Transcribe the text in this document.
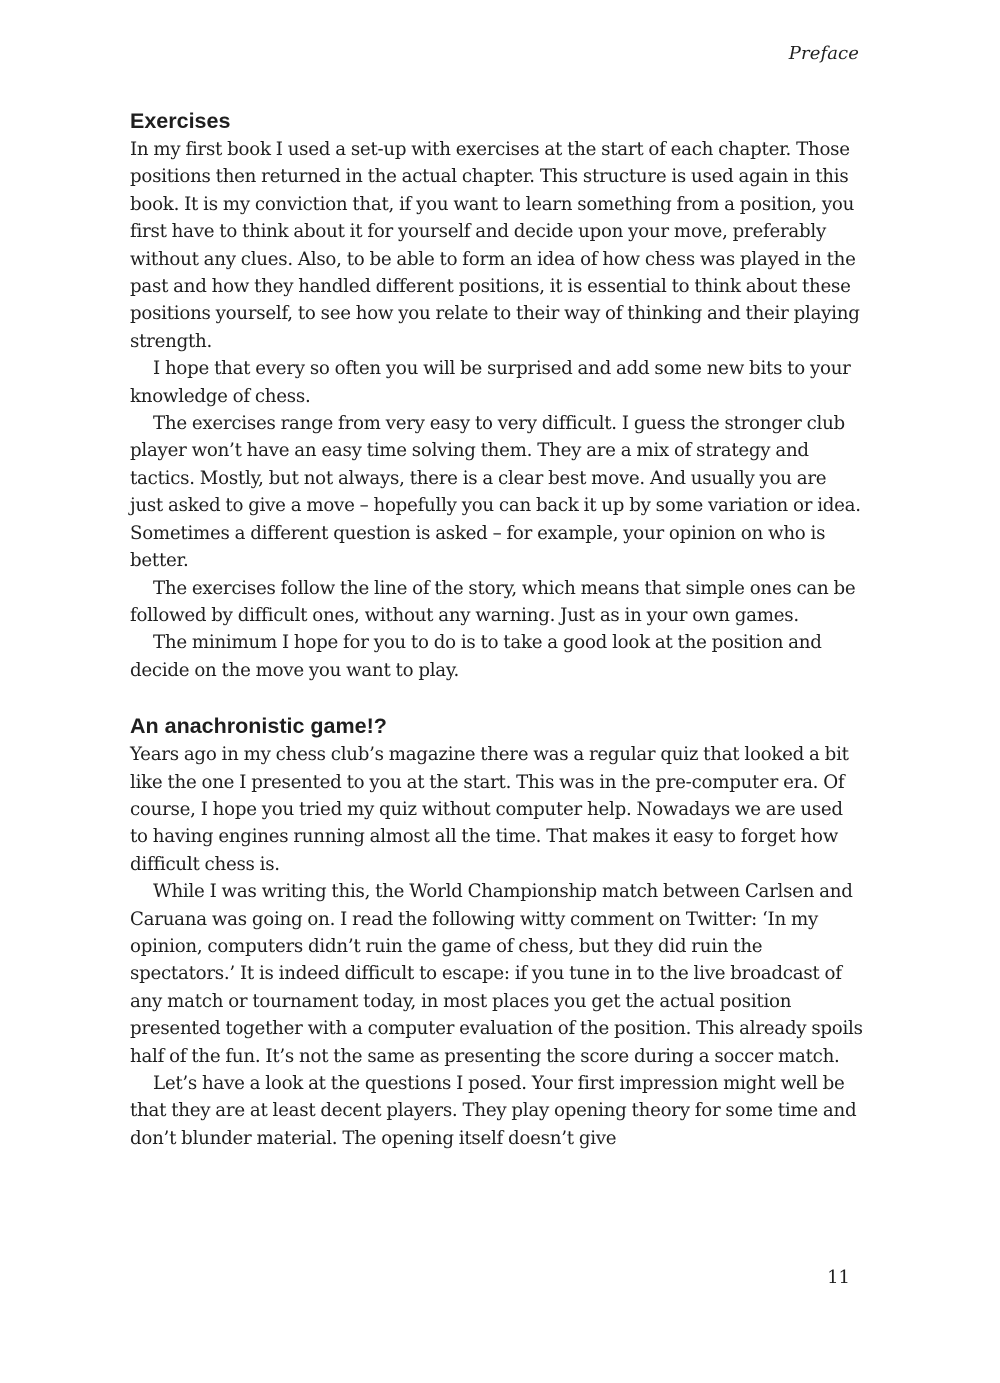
Preface
Exercises

In my first book I used a set-up with exercises at the start of each chapter. Those positions then returned in the actual chapter. This structure is used again in this book. It is my conviction that, if you want to learn something from a position, you first have to think about it for yourself and decide upon your move, preferably without any clues. Also, to be able to form an idea of how chess was played in the past and how they handled different positions, it is essential to think about these positions yourself, to see how you relate to their way of thinking and their playing strength.

I hope that every so often you will be surprised and add some new bits to your knowledge of chess.

The exercises range from very easy to very difficult. I guess the stronger club player won’t have an easy time solving them. They are a mix of strategy and tactics. Mostly, but not always, there is a clear best move. And usually you are just asked to give a move – hopefully you can back it up by some variation or idea. Sometimes a different question is asked – for example, your opinion on who is better.

The exercises follow the line of the story, which means that simple ones can be followed by difficult ones, without any warning. Just as in your own games.

The minimum I hope for you to do is to take a good look at the position and decide on the move you want to play.

An anachronistic game!?

Years ago in my chess club’s magazine there was a regular quiz that looked a bit like the one I presented to you at the start. This was in the pre-computer era. Of course, I hope you tried my quiz without computer help. Nowadays we are used to having engines running almost all the time. That makes it easy to forget how difficult chess is.

While I was writing this, the World Championship match between Carlsen and Caruana was going on. I read the following witty comment on Twitter: ‘In my opinion, computers didn’t ruin the game of chess, but they did ruin the spectators.’ It is indeed difficult to escape: if you tune in to the live broadcast of any match or tournament today, in most places you get the actual position presented together with a computer evaluation of the position. This already spoils half of the fun. It’s not the same as presenting the score during a soccer match.

Let’s have a look at the questions I posed. Your first impression might well be that they are at least decent players. They play opening theory for some time and don’t blunder material. The opening itself doesn’t give

11
